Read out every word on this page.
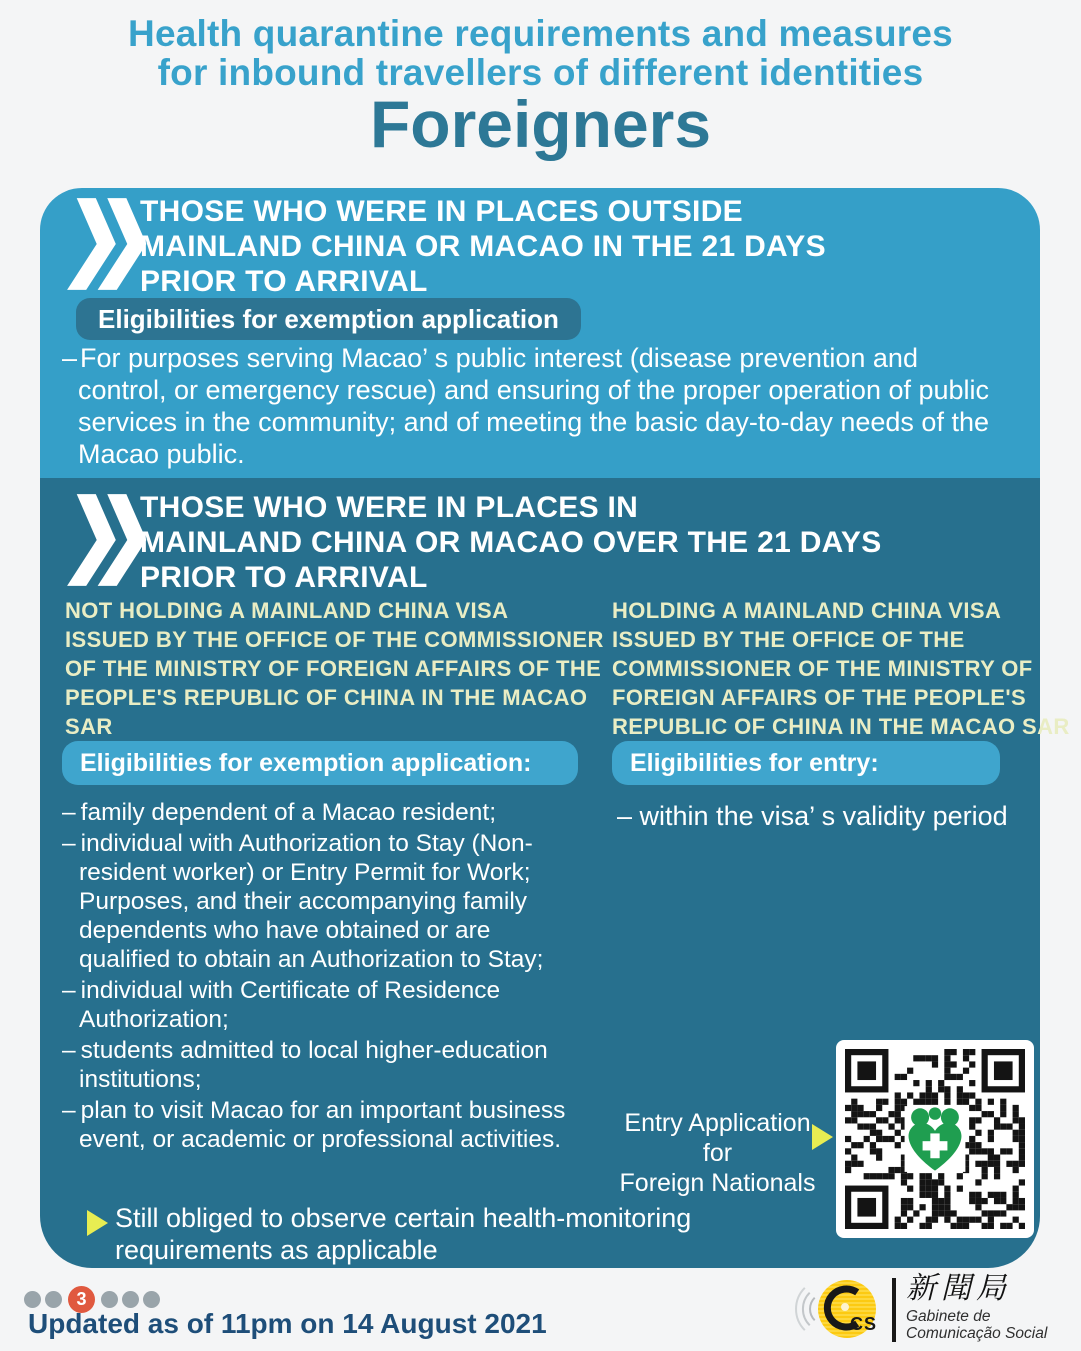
Health quarantine requirements and measures
for inbound travellers of different identities
Foreigners
THOSE WHO WERE IN PLACES OUTSIDE
MAINLAND CHINA OR MACAO IN THE 21 DAYS
PRIOR TO ARRIVAL
Eligibilities for exemption application
– For purposes serving Macao’ s public interest (disease prevention and control, or emergency rescue) and ensuring of the proper operation of public services in the community; and of meeting the basic day-to-day needs of the Macao public.
THOSE WHO WERE IN PLACES IN
MAINLAND CHINA OR MACAO OVER THE 21 DAYS
PRIOR TO ARRIVAL
NOT HOLDING A MAINLAND CHINA VISA
ISSUED BY THE OFFICE OF THE COMMISSIONER
OF THE MINISTRY OF FOREIGN AFFAIRS OF THE
PEOPLE'S REPUBLIC OF CHINA IN THE MACAO
SAR
HOLDING A MAINLAND CHINA VISA
ISSUED BY THE OFFICE OF THE
COMMISSIONER OF THE MINISTRY OF
FOREIGN AFFAIRS OF THE PEOPLE'S
REPUBLIC OF CHINA IN THE MACAO SAR
Eligibilities for exemption application:	Eligibilities for entry:
– family dependent of a Macao resident;
– individual with Authorization to Stay (Non-resident worker) or Entry Permit for Work; Purposes, and their accompanying family dependents who have obtained or are qualified to obtain an Authorization to Stay;
– individual with Certificate of Residence Authorization;
– students admitted to local higher-education institutions;
– plan to visit Macao for an important business event, or academic or professional activities.
– within the visa’ s validity period
Entry Application for
Foreign Nationals
Still obliged to observe certain health-monitoring requirements as applicable
3
Updated as of 11pm on 14 August 2021	CS
新聞局
Gabinete de
Comunicação Social
